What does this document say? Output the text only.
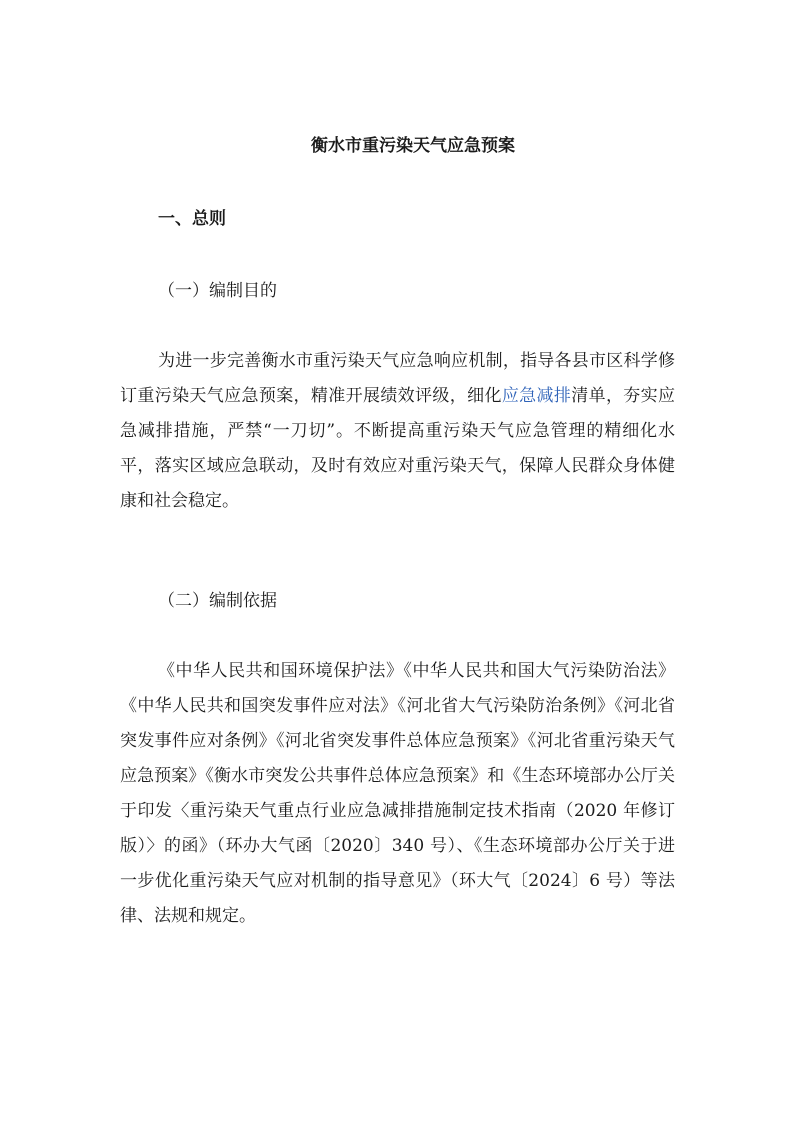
衡水市重污染天气应急预案
一、总则
（一）编制目的

为进一步完善衡水市重污染天气应急响应机制，指导各县市区科学修订重污染天气应急预案，精准开展绩效评级，细化应急减排清单，夯实应急减排措施，严禁“一刀切”。不断提高重污染天气应急管理的精细化水平，落实区域应急联动，及时有效应对重污染天气，保障人民群众身体健康和社会稳定。

（二）编制依据

《中华人民共和国环境保护法》《中华人民共和国大气污染防治法》《中华人民共和国突发事件应对法》《河北省大气污染防治条例》《河北省突发事件应对条例》《河北省突发事件总体应急预案》《河北省重污染天气应急预案》《衡水市突发公共事件总体应急预案》和《生态环境部办公厅关于印发〈重污染天气重点行业应急减排措施制定技术指南（2020 年修订版）〉的函》（环办大气函〔2020〕340 号）、《生态环境部办公厅关于进一步优化重污染天气应对机制的指导意见》（环大气〔2024〕6 号）等法律、法规和规定。
